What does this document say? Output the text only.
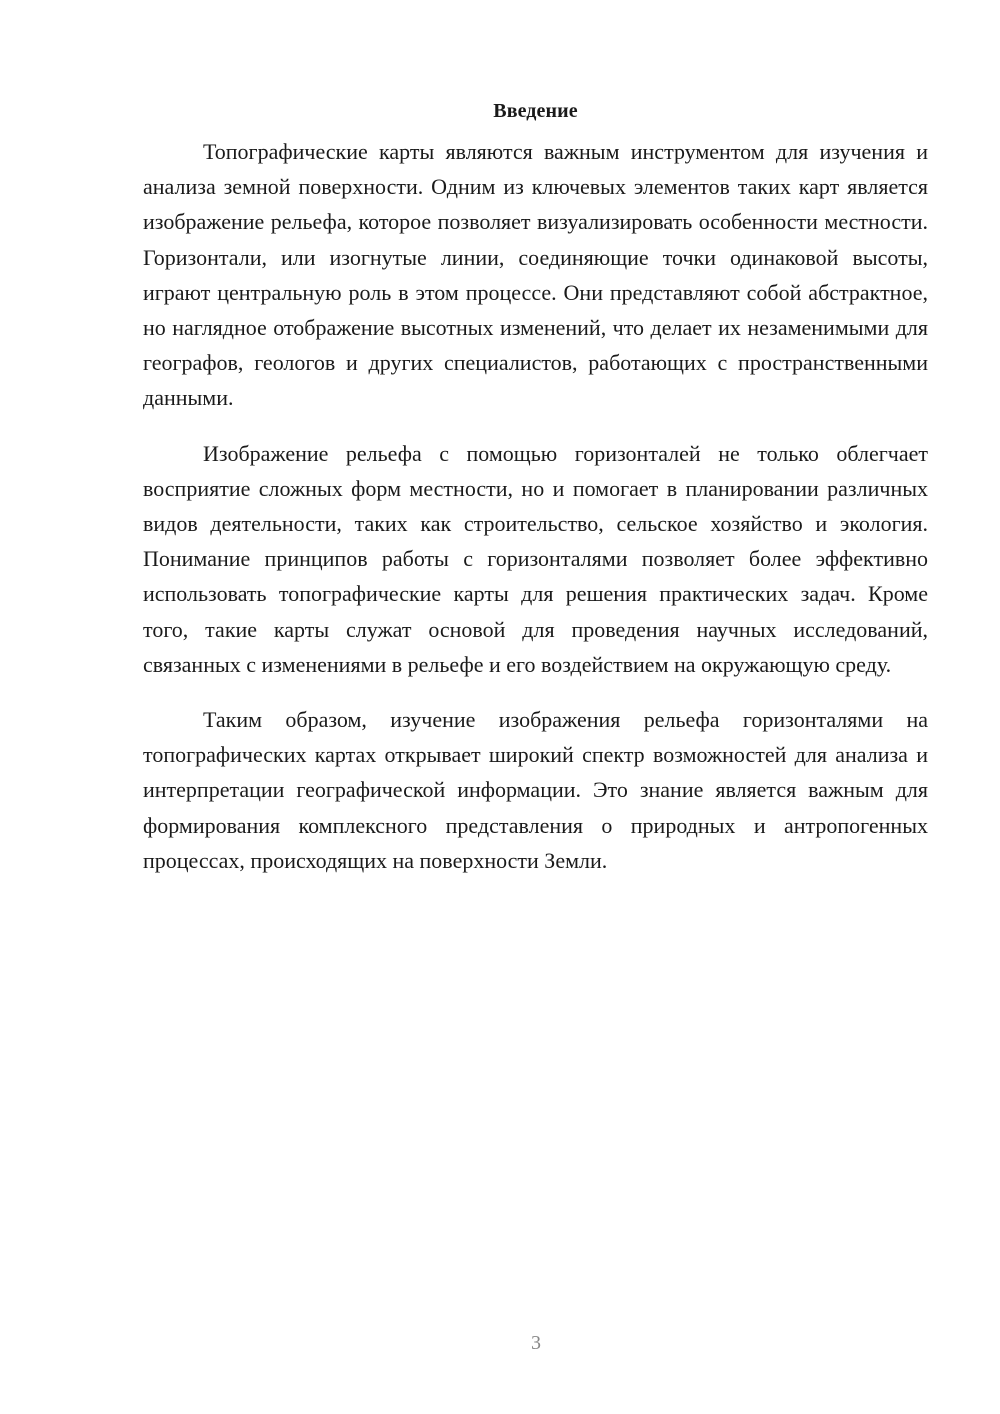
Введение

Топографические карты являются важным инструментом для изучения и анализа земной поверхности. Одним из ключевых элементов таких карт является изображение рельефа, которое позволяет визуализировать особенности местности. Горизонтали, или изогнутые линии, соединяющие точки одинаковой высоты, играют центральную роль в этом процессе. Они представляют собой абстрактное, но наглядное отображение высотных изменений, что делает их незаменимыми для географов, геологов и других специалистов, работающих с пространственными данными.

Изображение рельефа с помощью горизонталей не только облегчает восприятие сложных форм местности, но и помогает в планировании различных видов деятельности, таких как строительство, сельское хозяйство и экология. Понимание принципов работы с горизонталями позволяет более эффективно использовать топографические карты для решения практических задач. Кроме того, такие карты служат основой для проведения научных исследований, связанных с изменениями в рельефе и его воздействием на окружающую среду.

Таким образом, изучение изображения рельефа горизонталями на топографических картах открывает широкий спектр возможностей для анализа и интерпретации географической информации. Это знание является важным для формирования комплексного представления о природных и антропогенных процессах, происходящих на поверхности Земли.

3
